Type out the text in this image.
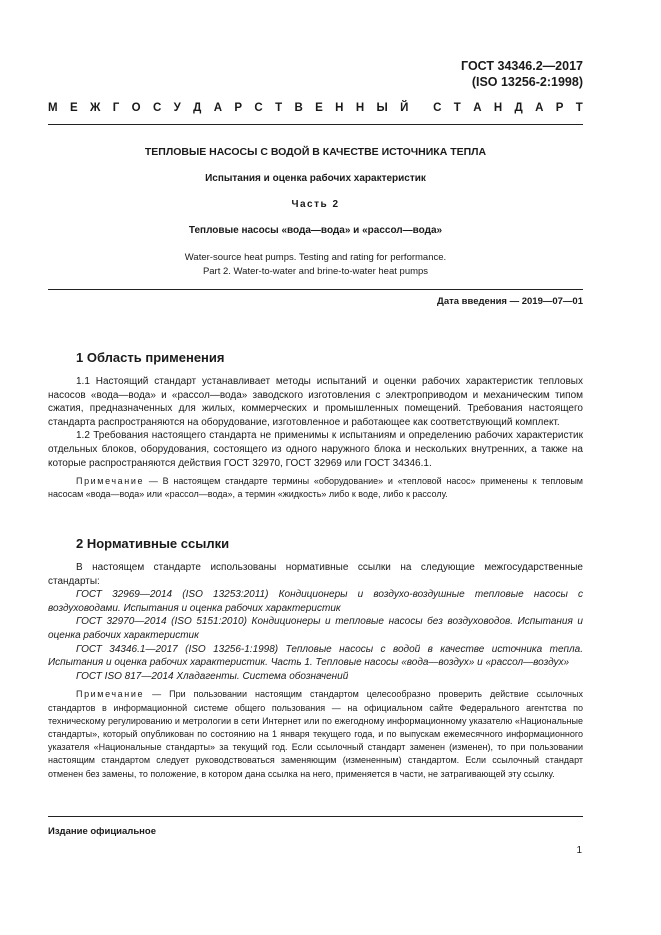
ГОСТ 34346.2—2017
(ISO 13256-2:1998)
М Е Ж Г О С У Д А Р С Т В Е Н Н Ы Й С Т А Н Д А Р Т
ТЕПЛОВЫЕ НАСОСЫ С ВОДОЙ В КАЧЕСТВЕ ИСТОЧНИКА ТЕПЛА
Испытания и оценка рабочих характеристик
Часть 2
Тепловые насосы «вода—вода» и «рассол—вода»
Water-source heat pumps. Testing and rating for performance.
Part 2. Water-to-water and brine-to-water heat pumps
Дата введения — 2019—07—01
1 Область применения

1.1 Настоящий стандарт устанавливает методы испытаний и оценки рабочих характеристик тепловых насосов «вода—вода» и «рассол—вода» заводского изготовления с электроприводом и механическим типом сжатия, предназначенных для жилых, коммерческих и промышленных помещений. Требования настоящего стандарта распространяются на оборудование, изготовленное и работающее как соответствующий комплект.

1.2 Требования настоящего стандарта не применимы к испытаниям и определению рабочих характеристик отдельных блоков, оборудования, состоящего из одного наружного блока и нескольких внутренних, а также на которые распространяются действия ГОСТ 32970, ГОСТ 32969 или ГОСТ 34346.1.

Примечание — В настоящем стандарте термины «оборудование» и «тепловой насос» применены к тепловым насосам «вода—вода» или «рассол—вода», а термин «жидкость» либо к воде, либо к рассолу.

2 Нормативные ссылки

В настоящем стандарте использованы нормативные ссылки на следующие межгосударственные стандарты:

ГОСТ 32969—2014 (ISO 13253:2011) Кондиционеры и воздухо-воздушные тепловые насосы с воздуховодами. Испытания и оценка рабочих характеристик

ГОСТ 32970—2014 (ISO 5151:2010) Кондиционеры и тепловые насосы без воздуховодов. Испытания и оценка рабочих характеристик

ГОСТ 34346.1—2017 (ISO 13256-1:1998) Тепловые насосы с водой в качестве источника тепла. Испытания и оценка рабочих характеристик. Часть 1. Тепловые насосы «вода—воздух» и «рассол—воздух»

ГОСТ ISO 817—2014 Хладагенты. Система обозначений

Примечание — При пользовании настоящим стандартом целесообразно проверить действие ссылочных стандартов в информационной системе общего пользования — на официальном сайте Федерального агентства по техническому регулированию и метрологии в сети Интернет или по ежегодному информационному указателю «Национальные стандарты», который опубликован по состоянию на 1 января текущего года, и по выпускам ежемесячного информационного указателя «Национальные стандарты» за текущий год. Если ссылочный стандарт заменен (изменен), то при пользовании настоящим стандартом следует руководствоваться заменяющим (измененным) стандартом. Если ссылочный стандарт отменен без замены, то положение, в котором дана ссылка на него, применяется в части, не затрагивающей эту ссылку.

Издание официальное
1
